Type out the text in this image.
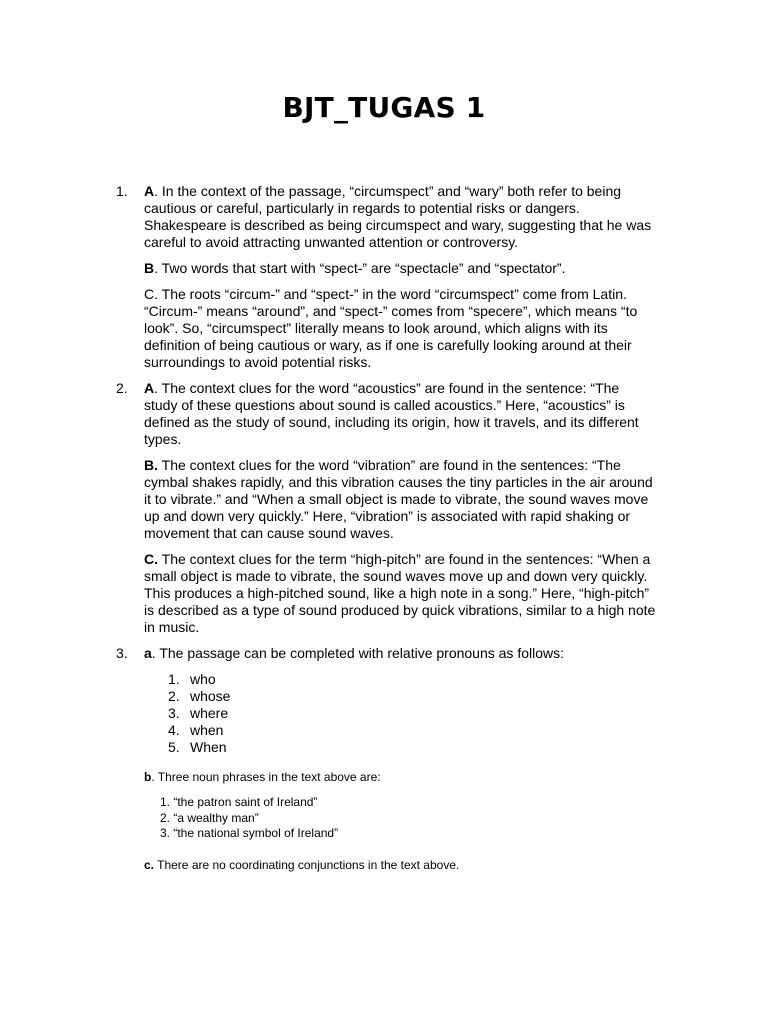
BJT_TUGAS 1
1. A. In the context of the passage, “circumspect” and “wary” both refer to being cautious or careful, particularly in regards to potential risks or dangers. Shakespeare is described as being circumspect and wary, suggesting that he was careful to avoid attracting unwanted attention or controversy.

B. Two words that start with “spect-” are “spectacle” and “spectator”.

C. The roots “circum-” and “spect-” in the word “circumspect” come from Latin. “Circum-” means “around”, and “spect-” comes from “specere”, which means “to look”. So, “circumspect” literally means to look around, which aligns with its definition of being cautious or wary, as if one is carefully looking around at their surroundings to avoid potential risks.

2. A. The context clues for the word “acoustics” are found in the sentence: “The study of these questions about sound is called acoustics.” Here, “acoustics” is defined as the study of sound, including its origin, how it travels, and its different types.

B. The context clues for the word “vibration” are found in the sentences: “The cymbal shakes rapidly, and this vibration causes the tiny particles in the air around it to vibrate.” and “When a small object is made to vibrate, the sound waves move up and down very quickly.” Here, “vibration” is associated with rapid shaking or movement that can cause sound waves.

C. The context clues for the term “high-pitch” are found in the sentences: “When a small object is made to vibrate, the sound waves move up and down very quickly. This produces a high-pitched sound, like a high note in a song.” Here, “high-pitch” is described as a type of sound produced by quick vibrations, similar to a high note in music.

3. a. The passage can be completed with relative pronouns as follows:

1. who
2. whose
3. where
4. when
5. When

b. Three noun phrases in the text above are:

1. “the patron saint of Ireland”
2. “a wealthy man”
3. “the national symbol of Ireland”

c. There are no coordinating conjunctions in the text above.
